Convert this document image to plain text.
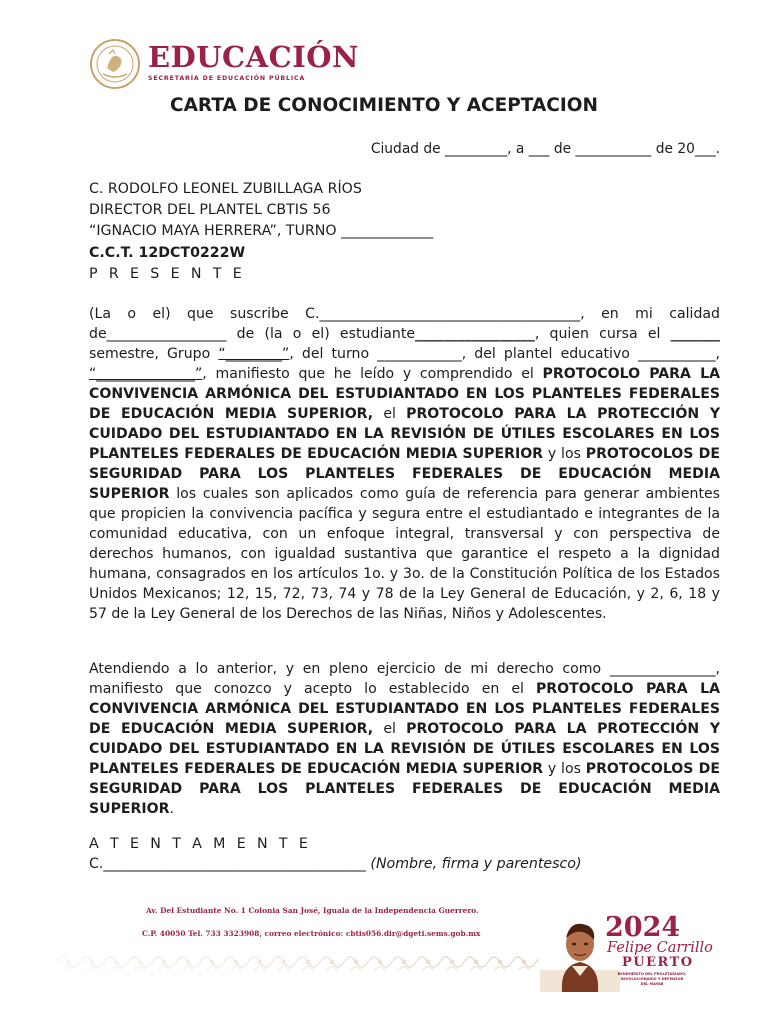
EDUCACIÓN
SECRETARÍA DE EDUCACIÓN PÚBLICA
CARTA DE CONOCIMIENTO Y ACEPTACION
Ciudad de _________, a ___ de ___________ de 20___.
C. RODOLFO LEONEL ZUBILLAGA RÍOS
DIRECTOR DEL PLANTEL CBTIS 56
“IGNACIO MAYA HERRERA”, TURNO _____________
C.C.T. 12DCT0222W
P R E S E N T E
(La o el) que suscribe C._____________________________________, en mi calidad de_________________ de (la o el) estudiante_________________, quien cursa el _______ semestre, Grupo “________”, del turno ____________, del plantel educativo ___________, “______________”, manifiesto que he leído y comprendido el PROTOCOLO PARA LA CONVIVENCIA ARMÓNICA DEL ESTUDIANTADO EN LOS PLANTELES FEDERALES DE EDUCACIÓN MEDIA SUPERIOR, el PROTOCOLO PARA LA PROTECCIÓN Y CUIDADO DEL ESTUDIANTADO EN LA REVISIÓN DE ÚTILES ESCOLARES EN LOS PLANTELES FEDERALES DE EDUCACIÓN MEDIA SUPERIOR y los PROTOCOLOS DE SEGURIDAD PARA LOS PLANTELES FEDERALES DE EDUCACIÓN MEDIA SUPERIOR los cuales son aplicados como guía de referencia para generar ambientes que propicien la convivencia pacífica y segura entre el estudiantado e integrantes de la comunidad educativa, con un enfoque integral, transversal y con perspectiva de derechos humanos, con igualdad sustantiva que garantice el respeto a la dignidad humana, consagrados en los artículos 1o. y 3o. de la Constitución Política de los Estados Unidos Mexicanos; 12, 15, 72, 73, 74 y 78 de la Ley General de Educación, y 2, 6, 18 y 57 de la Ley General de los Derechos de las Niñas, Niños y Adolescentes.
Atendiendo a lo anterior, y en pleno ejercicio de mi derecho como _______________, manifiesto que conozco y acepto lo establecido en el PROTOCOLO PARA LA CONVIVENCIA ARMÓNICA DEL ESTUDIANTADO EN LOS PLANTELES FEDERALES DE EDUCACIÓN MEDIA SUPERIOR, el PROTOCOLO PARA LA PROTECCIÓN Y CUIDADO DEL ESTUDIANTADO EN LA REVISIÓN DE ÚTILES ESCOLARES EN LOS PLANTELES FEDERALES DE EDUCACIÓN MEDIA SUPERIOR y los PROTOCOLOS DE SEGURIDAD PARA LOS PLANTELES FEDERALES DE EDUCACIÓN MEDIA SUPERIOR.
A T E N T A M E N T E
C._____________________________________ (Nombre, firma y parentesco)
Av. Del Estudiante No. 1 Colonia San José, Iguala de la Independencia Guerrero.
C.P. 40050 Tel. 733 3323908, correo electrónico: cbtis056.dir@dgeti.sems.gob.mx	2024
Felipe Carrillo
PUERTO
BENEMÉRITO DEL PROLETARIADO,
REVOLUCIONARIO Y DEFENSOR
DEL MAYAB
